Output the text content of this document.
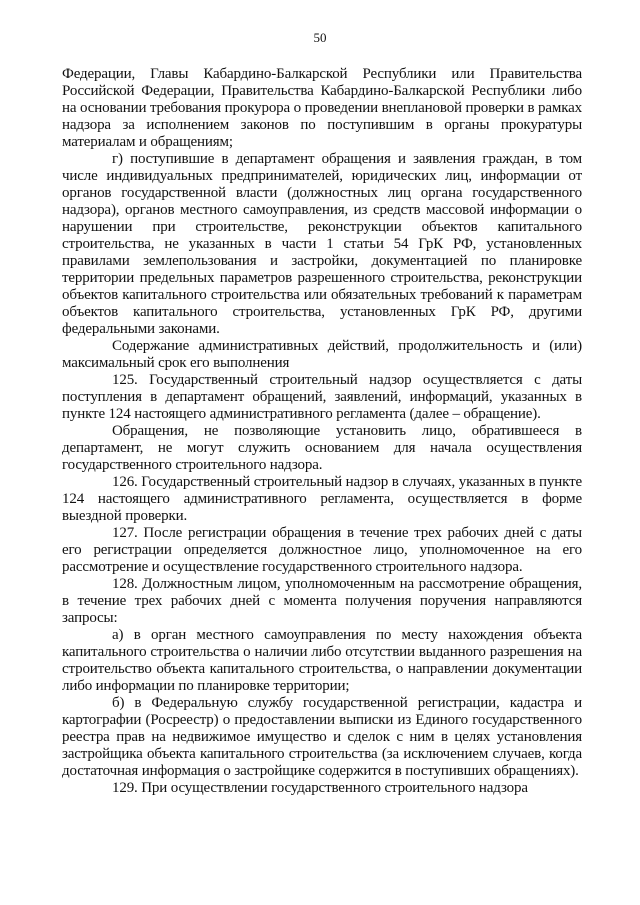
50

Федерации, Главы Кабардино-Балкарской Республики или Правительства Российской Федерации, Правительства Кабардино-Балкарской Республики либо на основании требования прокурора о проведении внеплановой проверки в рамках надзора за исполнением законов по поступившим в органы прокуратуры материалам и обращениям;

г) поступившие в департамент обращения и заявления граждан, в том числе индивидуальных предпринимателей, юридических лиц, информации от органов государственной власти (должностных лиц органа государственного надзора), органов местного самоуправления, из средств массовой информации о нарушении при строительстве, реконструкции объектов капитального строительства, не указанных в части 1 статьи 54 ГрК РФ, установленных правилами землепользования и застройки, документацией по планировке территории предельных параметров разрешенного строительства, реконструкции объектов капитального строительства или обязательных требований к параметрам объектов капитального строительства, установленных ГрК РФ, другими федеральными законами.

Содержание административных действий, продолжительность и (или) максимальный срок его выполнения

125. Государственный строительный надзор осуществляется с даты поступления в департамент обращений, заявлений, информаций, указанных в пункте 124 настоящего административного регламента (далее – обращение).

Обращения, не позволяющие установить лицо, обратившееся в департамент, не могут служить основанием для начала осуществления государственного строительного надзора.

126. Государственный строительный надзор в случаях, указанных в пункте 124 настоящего административного регламента, осуществляется в форме выездной проверки.

127. После регистрации обращения в течение трех рабочих дней с даты его регистрации определяется должностное лицо, уполномоченное на его рассмотрение и осуществление государственного строительного надзора.

128. Должностным лицом, уполномоченным на рассмотрение обращения, в течение трех рабочих дней с момента получения поручения направляются запросы:

а) в орган местного самоуправления по месту нахождения объекта капитального строительства о наличии либо отсутствии выданного разрешения на строительство объекта капитального строительства, о направлении документации либо информации по планировке территории;

б) в Федеральную службу государственной регистрации, кадастра и картографии (Росреестр) о предоставлении выписки из Единого государственного реестра прав на недвижимое имущество и сделок с ним в целях установления застройщика объекта капитального строительства (за исключением случаев, когда достаточная информация о застройщике содержится в поступивших обращениях).

129. При осуществлении государственного строительного надзора
